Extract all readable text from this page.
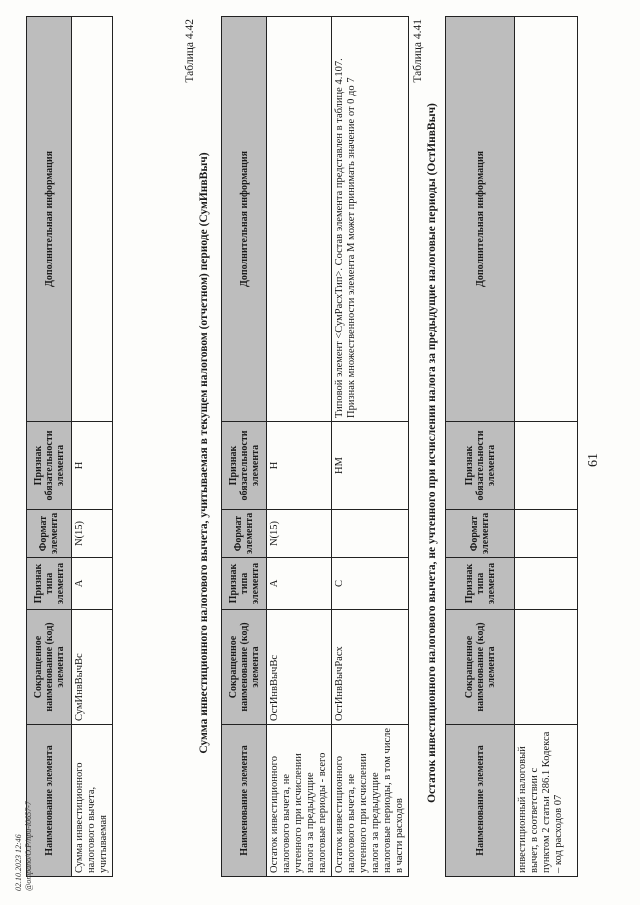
61
Наименование элемента	Сокращенное наименование (код) элемента	Признак типа элемента	Формат элемента	Признак обязательности элемента	Дополнительная информация
инвестиционный налоговый вычет, в соответствии с пунктом 2 статьи 286.1 Кодекса – код расходов 07					
Таблица 4.41
Остаток инвестиционного налогового вычета, не учтенного при исчислении налога за предыдущие налоговые периоды (ОстИнвВыч)
Наименование элемента	Сокращенное наименование (код) элемента	Признак типа элемента	Формат элемента	Признак обязательности элемента	Дополнительная информация
Остаток инвестиционного налогового вычета, не учтенного при исчислении налога за предыдущие налоговые периоды - всего	ОстИнвВычВс	А	N(15)	Н	
Остаток инвестиционного налогового вычета, не учтенного при исчислении налога за предыдущие налоговые периоды, в том числе в части расходов	ОстИнвВычРасх	С		НМ	Типовой элемент <СумРасхТип>. Состав элемента представлен в таблице 4.107. Признак множественности элемента М может принимать значение от 0 до 7
Таблица 4.42
Сумма инвестиционного налогового вычета, учитываемая в текущем налоговом (отчетном) периоде (СумИнвВыч)
Наименование элемента	Сокращенное наименование (код) элемента	Признак типа элемента	Формат элемента	Признак обязательности элемента	Дополнительная информация
Сумма инвестиционного налогового вычета, учитываемая	СумИнвВычВс	А	N(15)	Н	
02.10.2023 12:46 @ompano/O.P/npu-l0657-7
